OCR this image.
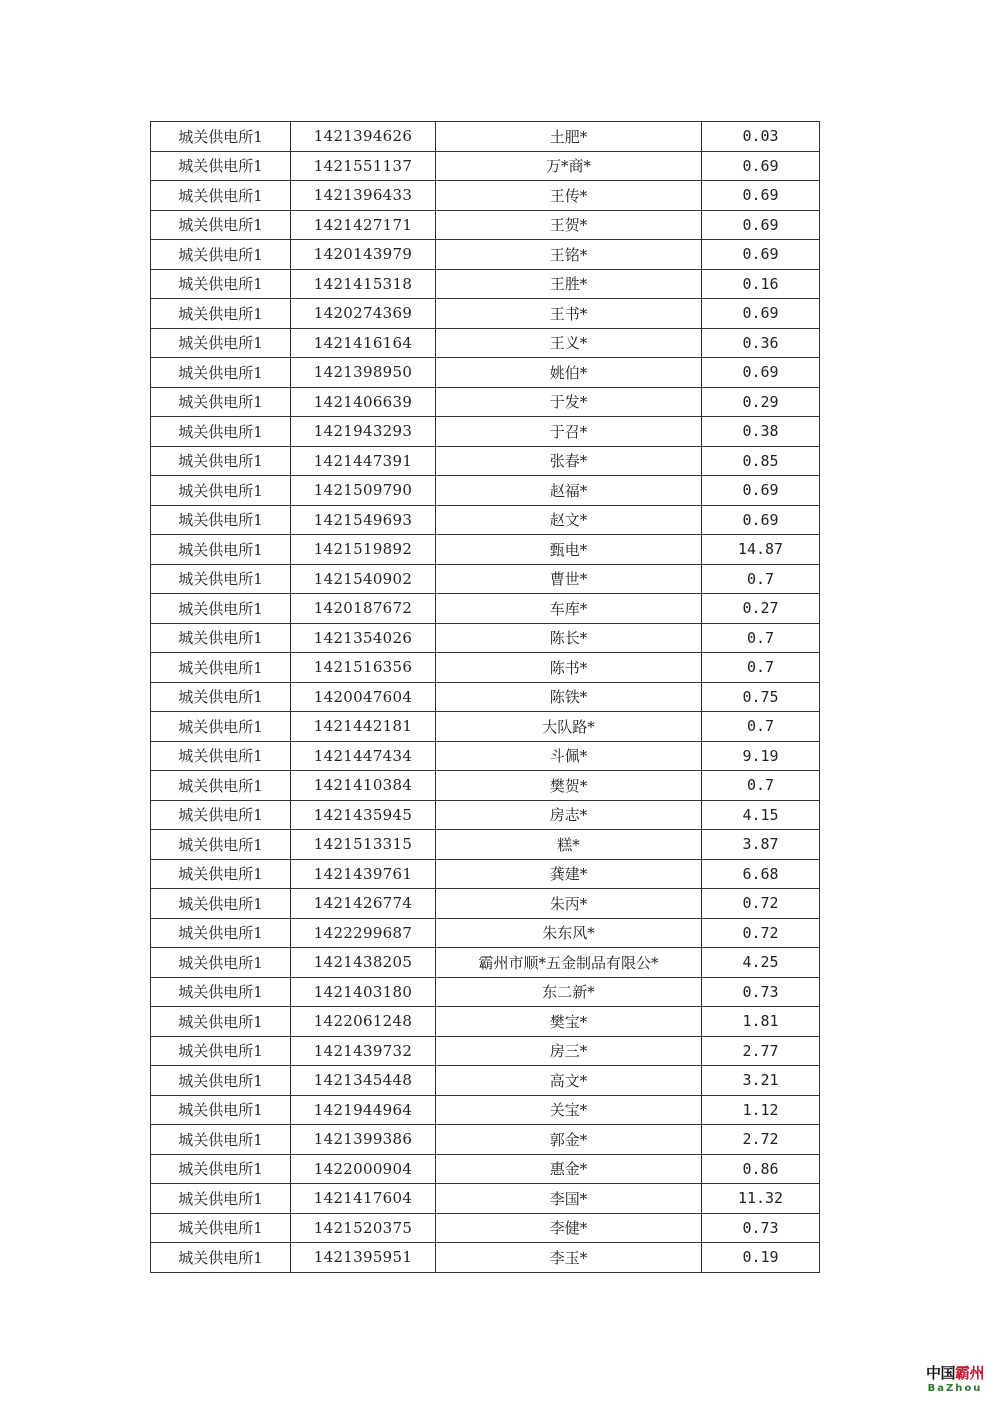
城关供电所1	1421394626	土肥*	0.03
城关供电所1	1421551137	万*商*	0.69
城关供电所1	1421396433	王传*	0.69
城关供电所1	1421427171	王贺*	0.69
城关供电所1	1420143979	王铭*	0.69
城关供电所1	1421415318	王胜*	0.16
城关供电所1	1420274369	王书*	0.69
城关供电所1	1421416164	王义*	0.36
城关供电所1	1421398950	姚伯*	0.69
城关供电所1	1421406639	于发*	0.29
城关供电所1	1421943293	于召*	0.38
城关供电所1	1421447391	张春*	0.85
城关供电所1	1421509790	赵福*	0.69
城关供电所1	1421549693	赵文*	0.69
城关供电所1	1421519892	甄电*	14.87
城关供电所1	1421540902	曹世*	0.7
城关供电所1	1420187672	车库*	0.27
城关供电所1	1421354026	陈长*	0.7
城关供电所1	1421516356	陈书*	0.7
城关供电所1	1420047604	陈铁*	0.75
城关供电所1	1421442181	大队路*	0.7
城关供电所1	1421447434	斗佩*	9.19
城关供电所1	1421410384	樊贺*	0.7
城关供电所1	1421435945	房志*	4.15
城关供电所1	1421513315	糕*	3.87
城关供电所1	1421439761	龚建*	6.68
城关供电所1	1421426774	朱丙*	0.72
城关供电所1	1422299687	朱东风*	0.72
城关供电所1	1421438205	霸州市顺*五金制品有限公*	4.25
城关供电所1	1421403180	东二新*	0.73
城关供电所1	1422061248	樊宝*	1.81
城关供电所1	1421439732	房三*	2.77
城关供电所1	1421345448	高文*	3.21
城关供电所1	1421944964	关宝*	1.12
城关供电所1	1421399386	郭金*	2.72
城关供电所1	1422000904	惠金*	0.86
城关供电所1	1421417604	李国*	11.32
城关供电所1	1421520375	李健*	0.73
城关供电所1	1421395951	李玉*	0.19
中国霸州
BaZhou
